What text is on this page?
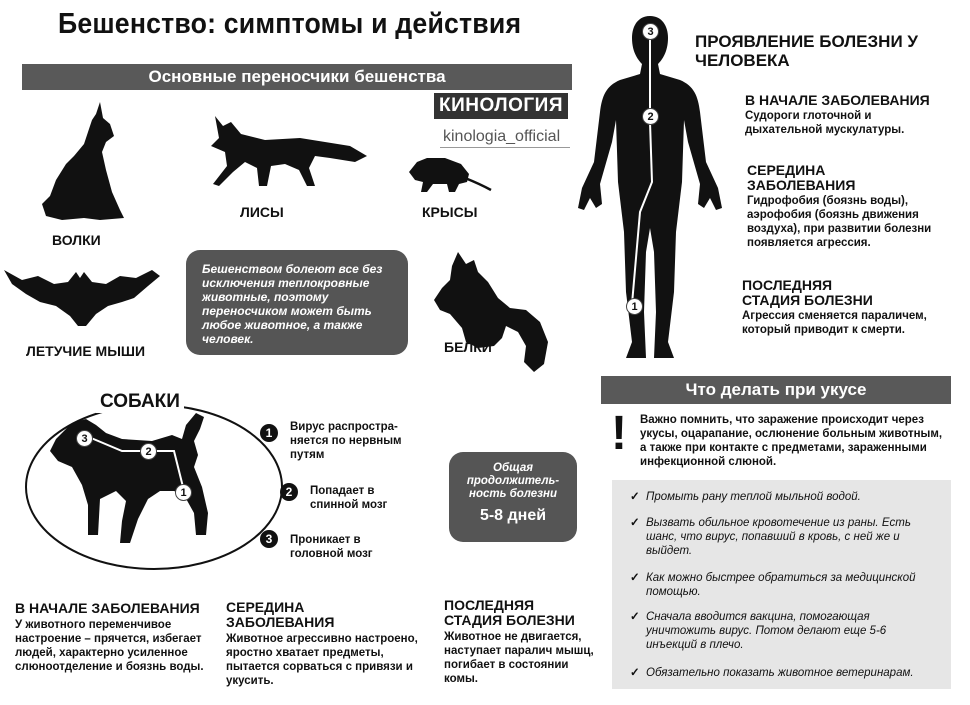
Бешенство: симптомы и действия
Основные переносчики бешенства
КИНОЛОГИЯ
kinologia_official
ВОЛКИ
ЛИСЫ	КРЫСЫ
ЛЕТУЧИЕ МЫШИ
Бешенством болеют все без исключения теплокровные животные, поэтому переносчиком может быть любое животное, а также человек.	БЕЛКИ
3
2
1
СОБАКИ
1	Вирус распростра-няется по нервным путям
2	Попадает в спинной мозг
3	Проникает в головной мозг
Общая продолжитель-ность болезни
5-8 дней
В НАЧАЛЕ ЗАБОЛЕВАНИЯ
У животного переменчивое настроение – прячется, избегает людей, характерно усиленное слюноотделение и боязнь воды.
СЕРЕДИНА ЗАБОЛЕВАНИЯ
Животное агрессивно настроено, яростно хватает предметы, пытается сорваться с привязи и укусить.
ПОСЛЕДНЯЯ СТАДИЯ БОЛЕЗНИ
Животное не двигается, наступает паралич мышц, погибает в состоянии комы.
3
2
1
ПРОЯВЛЕНИЕ БОЛЕЗНИ У ЧЕЛОВЕКА
В НАЧАЛЕ ЗАБОЛЕВАНИЯ
Судороги глоточной и дыхательной мускулатуры.
СЕРЕДИНА ЗАБОЛЕВАНИЯ
Гидрофобия (боязнь воды), аэрофобия (боязнь движения воздуха), при развитии болезни появляется агрессия.
ПОСЛЕДНЯЯ СТАДИЯ БОЛЕЗНИ
Агрессия сменяется параличем, который приводит к смерти.
Что делать при укусе
! Важно помнить, что заражение происходит через укусы, оцарапание, ослюнение больным животным, а также при контакте с предметами, зараженными инфекционной слюной.
✓ Промыть рану теплой мыльной водой.
✓ Вызвать обильное кровотечение из раны. Есть шанс, что вирус, попавший в кровь, с ней же и выйдет.
✓ Как можно быстрее обратиться за медицинской помощью.
✓ Сначала вводится вакцина, помогающая уничтожить вирус. Потом делают еще 5-6 инъекций в плечо.
✓ Обязательно показать животное ветеринарам.
